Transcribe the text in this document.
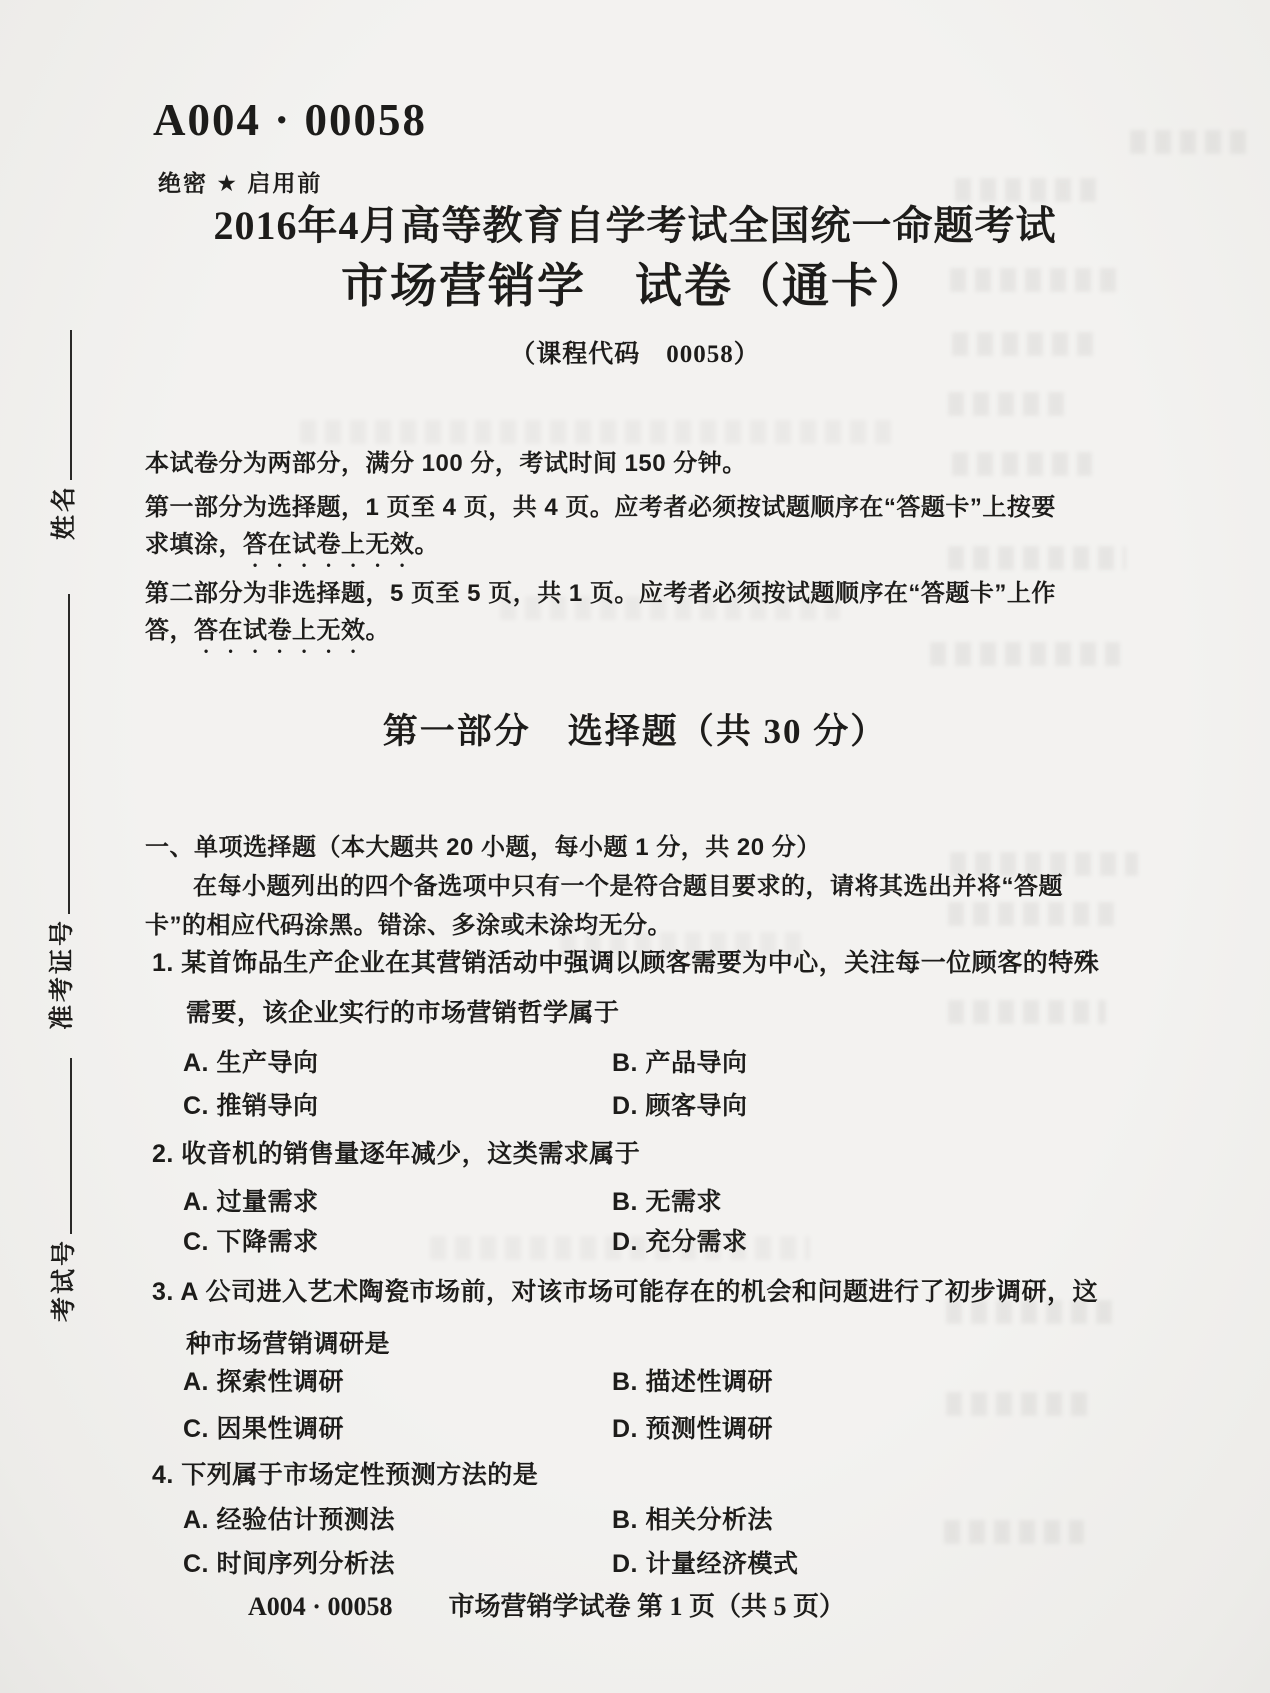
姓名
准考证号
考试号
A004 · 00058
绝密 ★ 启用前
2016年4月高等教育自学考试全国统一命题考试
市场营销学　试卷（通卡）
（课程代码　00058）
本试卷分为两部分，满分 100 分，考试时间 150 分钟。
第一部分为选择题，1 页至 4 页，共 4 页。应考者必须按试题顺序在“答题卡”上按要
求填涂，答在试卷上无效。
第二部分为非选择题，5 页至 5 页，共 1 页。应考者必须按试题顺序在“答题卡”上作
答，答在试卷上无效。
第一部分　选择题（共 30 分）
一、单项选择题（本大题共 20 小题，每小题 1 分，共 20 分）
在每小题列出的四个备选项中只有一个是符合题目要求的，请将其选出并将“答题
卡”的相应代码涂黑。错涂、多涂或未涂均无分。
1. 某首饰品生产企业在其营销活动中强调以顾客需要为中心，关注每一位顾客的特殊
需要，该企业实行的市场营销哲学属于
A. 生产导向	B. 产品导向
C. 推销导向	D. 顾客导向
2. 收音机的销售量逐年减少，这类需求属于
A. 过量需求	B. 无需求
C. 下降需求	D. 充分需求
3. A 公司进入艺术陶瓷市场前，对该市场可能存在的机会和问题进行了初步调研，这
种市场营销调研是
A. 探索性调研	B. 描述性调研
C. 因果性调研	D. 预测性调研
4. 下列属于市场定性预测方法的是
A. 经验估计预测法	B. 相关分析法
C. 时间序列分析法	D. 计量经济模式
A004 · 00058 市场营销学试卷 第 1 页（共 5 页）
